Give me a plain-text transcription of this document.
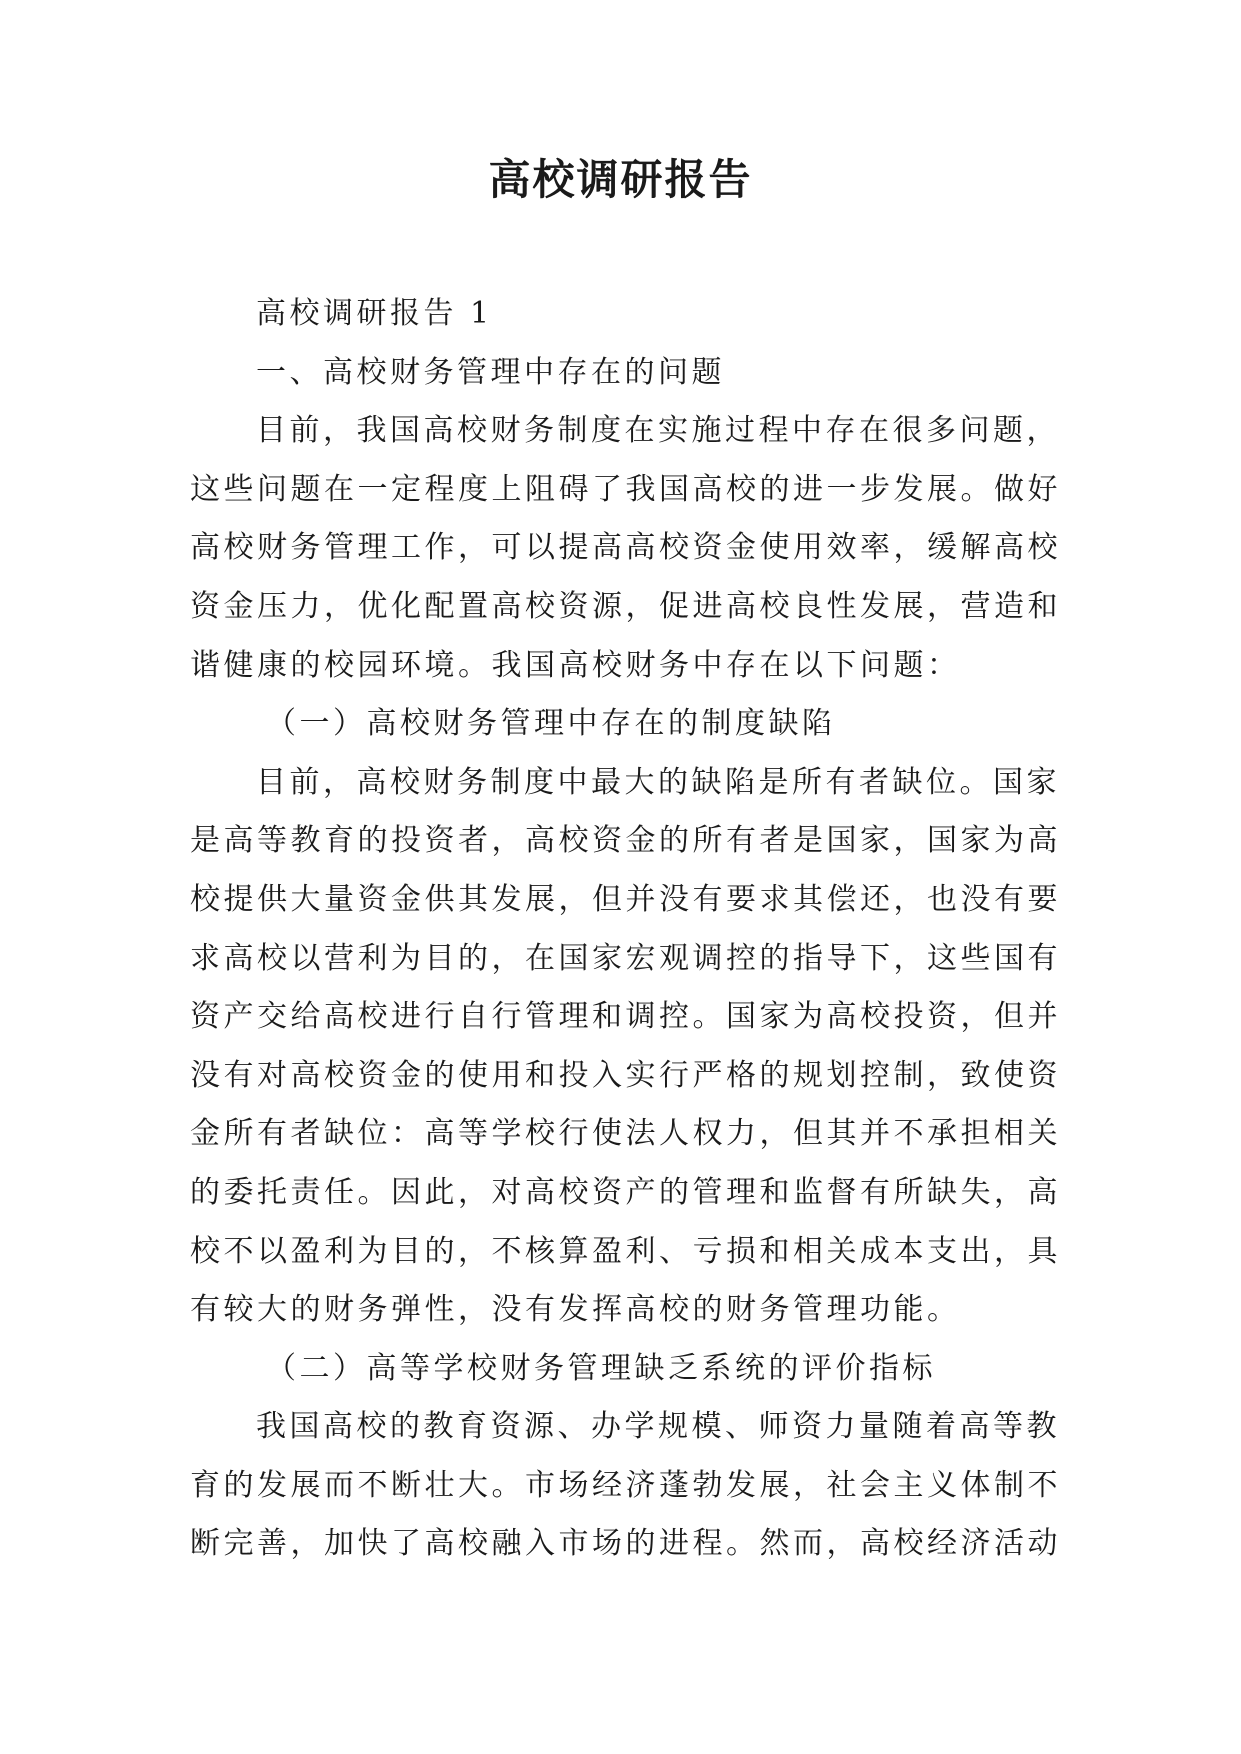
高校调研报告
高校调研报告 1
一、高校财务管理中存在的问题
目前，我国高校财务制度在实施过程中存在很多问题，
这些问题在一定程度上阻碍了我国高校的进一步发展。做好
高校财务管理工作，可以提高高校资金使用效率，缓解高校
资金压力，优化配置高校资源，促进高校良性发展，营造和
谐健康的校园环境。我国高校财务中存在以下问题：
（一）高校财务管理中存在的制度缺陷
目前，高校财务制度中最大的缺陷是所有者缺位。国家
是高等教育的投资者，高校资金的所有者是国家，国家为高
校提供大量资金供其发展，但并没有要求其偿还，也没有要
求高校以营利为目的，在国家宏观调控的指导下，这些国有
资产交给高校进行自行管理和调控。国家为高校投资，但并
没有对高校资金的使用和投入实行严格的规划控制，致使资
金所有者缺位：高等学校行使法人权力，但其并不承担相关
的委托责任。因此，对高校资产的管理和监督有所缺失，高
校不以盈利为目的，不核算盈利、亏损和相关成本支出，具
有较大的财务弹性，没有发挥高校的财务管理功能。
（二）高等学校财务管理缺乏系统的评价指标
我国高校的教育资源、办学规模、师资力量随着高等教
育的发展而不断壮大。市场经济蓬勃发展，社会主义体制不
断完善，加快了高校融入市场的进程。然而，高校经济活动
